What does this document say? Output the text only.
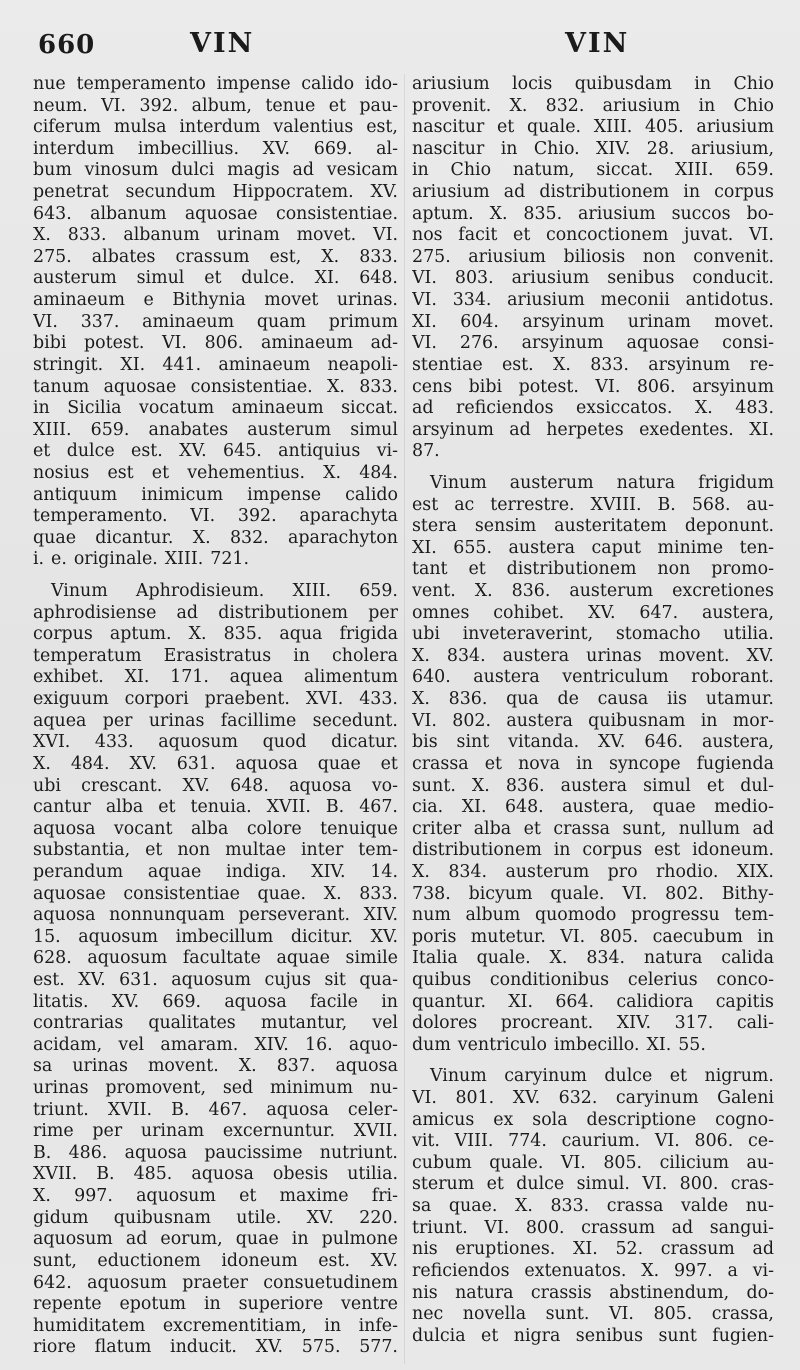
660	VIN	VIN
nue temperamento impense calido ido-
neum. VI. 392. album, tenue et pau-
ciferum mulsa interdum valentius est,
interdum imbecillius. XV. 669. al-
bum vinosum dulci magis ad vesicam
penetrat secundum Hippocratem. XV.
643. albanum aquosae consistentiae.
X. 833. albanum urinam movet. VI.
275. albates crassum est, X. 833.
austerum simul et dulce. XI. 648.
aminaeum e Bithynia movet urinas.
VI. 337. aminaeum quam primum
bibi potest. VI. 806. aminaeum ad-
stringit. XI. 441. aminaeum neapoli-
tanum aquosae consistentiae. X. 833.
in Sicilia vocatum aminaeum siccat.
XIII. 659. anabates austerum simul
et dulce est. XV. 645. antiquius vi-
nosius est et vehementius. X. 484.
antiquum inimicum impense calido
temperamento. VI. 392. aparachyta
quae dicantur. X. 832. aparachyton
i. e. originale. XIII. 721.
Vinum Aphrodisieum. XIII. 659.
aphrodisiense ad distributionem per
corpus aptum. X. 835. aqua frigida
temperatum Erasistratus in cholera
exhibet. XI. 171. aquea alimentum
exiguum corpori praebent. XVI. 433.
aquea per urinas facillime secedunt.
XVI. 433. aquosum quod dicatur.
X. 484. XV. 631. aquosa quae et
ubi crescant. XV. 648. aquosa vo-
cantur alba et tenuia. XVII. B. 467.
aquosa vocant alba colore tenuique
substantia, et non multae inter tem-
perandum aquae indiga. XIV. 14.
aquosae consistentiae quae. X. 833.
aquosa nonnunquam perseverant. XIV.
15. aquosum imbecillum dicitur. XV.
628. aquosum facultate aquae simile
est. XV. 631. aquosum cujus sit qua-
litatis. XV. 669. aquosa facile in
contrarias qualitates mutantur, vel
acidam, vel amaram. XIV. 16. aquo-
sa urinas movent. X. 837. aquosa
urinas promovent, sed minimum nu-
triunt. XVII. B. 467. aquosa celer-
rime per urinam excernuntur. XVII.
B. 486. aquosa paucissime nutriunt.
XVII. B. 485. aquosa obesis utilia.
X. 997. aquosum et maxime fri-
gidum quibusnam utile. XV. 220.
aquosum ad eorum, quae in pulmone
sunt, eductionem idoneum est. XV.
642. aquosum praeter consuetudinem
repente epotum in superiore ventre
humiditatem excrementitiam, in infe-
riore flatum inducit. XV. 575. 577.
ariusium locis quibusdam in Chio
provenit. X. 832. ariusium in Chio
nascitur et quale. XIII. 405. ariusium
nascitur in Chio. XIV. 28. ariusium,
in Chio natum, siccat. XIII. 659.
ariusium ad distributionem in corpus
aptum. X. 835. ariusium succos bo-
nos facit et concoctionem juvat. VI.
275. ariusium biliosis non convenit.
VI. 803. ariusium senibus conducit.
VI. 334. ariusium meconii antidotus.
XI. 604. arsyinum urinam movet.
VI. 276. arsyinum aquosae consi-
stentiae est. X. 833. arsyinum re-
cens bibi potest. VI. 806. arsyinum
ad reficiendos exsiccatos. X. 483.
arsyinum ad herpetes exedentes. XI.
87.
Vinum austerum natura frigidum
est ac terrestre. XVIII. B. 568. au-
stera sensim austeritatem deponunt.
XI. 655. austera caput minime ten-
tant et distributionem non promo-
vent. X. 836. austerum excretiones
omnes cohibet. XV. 647. austera,
ubi inveteraverint, stomacho utilia.
X. 834. austera urinas movent. XV.
640. austera ventriculum roborant.
X. 836. qua de causa iis utamur.
VI. 802. austera quibusnam in mor-
bis sint vitanda. XV. 646. austera,
crassa et nova in syncope fugienda
sunt. X. 836. austera simul et dul-
cia. XI. 648. austera, quae medio-
criter alba et crassa sunt, nullum ad
distributionem in corpus est idoneum.
X. 834. austerum pro rhodio. XIX.
738. bicyum quale. VI. 802. Bithy-
num album quomodo progressu tem-
poris mutetur. VI. 805. caecubum in
Italia quale. X. 834. natura calida
quibus conditionibus celerius conco-
quantur. XI. 664. calidiora capitis
dolores procreant. XIV. 317. cali-
dum ventriculo imbecillo. XI. 55.
Vinum caryinum dulce et nigrum.
VI. 801. XV. 632. caryinum Galeni
amicus ex sola descriptione cogno-
vit. VIII. 774. caurium. VI. 806. ce-
cubum quale. VI. 805. cilicium au-
sterum et dulce simul. VI. 800. cras-
sa quae. X. 833. crassa valde nu-
triunt. VI. 800. crassum ad sangui-
nis eruptiones. XI. 52. crassum ad
reficiendos extenuatos. X. 997. a vi-
nis natura crassis abstinendum, do-
nec novella sunt. VI. 805. crassa,
dulcia et nigra senibus sunt fugien-
